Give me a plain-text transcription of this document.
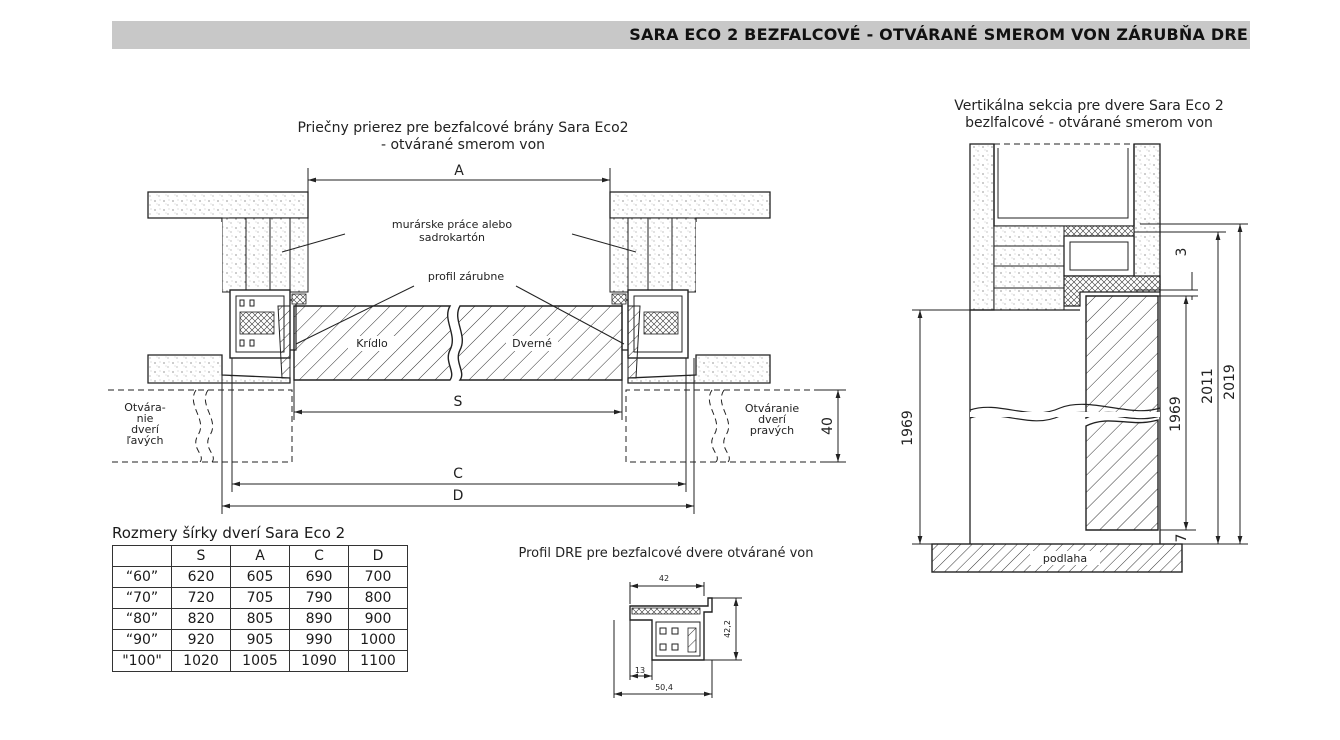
SARA ECO 2 BEZFALCOVÉ - OTVÁRANÉ SMEROM VON ZÁRUBŇA DRE
Priečny prierez pre bezfalcové brány Sara Eco2
- otvárané smerom von
Krídlo	Dverné
murárske práce alebo
sadrokartón
profil zárubne
A
S
C
D
Otvára-
nie
dverí
ľavých
Otváranie
dverí
pravých 40
Vertikálna sekcia pre dvere Sara Eco 2
bezlfalcové - otvárané smerom von
podlaha
1969	1969
2011 2019
3
7
Profil DRE pre bezfalcové dvere otvárané von
42
42,2
13
50,4
Rozmery šírky dverí Sara Eco 2
	S	A	C	D
“60”	620	605	690	700
“70”	720	705	790	800
“80”	820	805	890	900
“90”	920	905	990	1000
"100"	1020	1005	1090	1100
